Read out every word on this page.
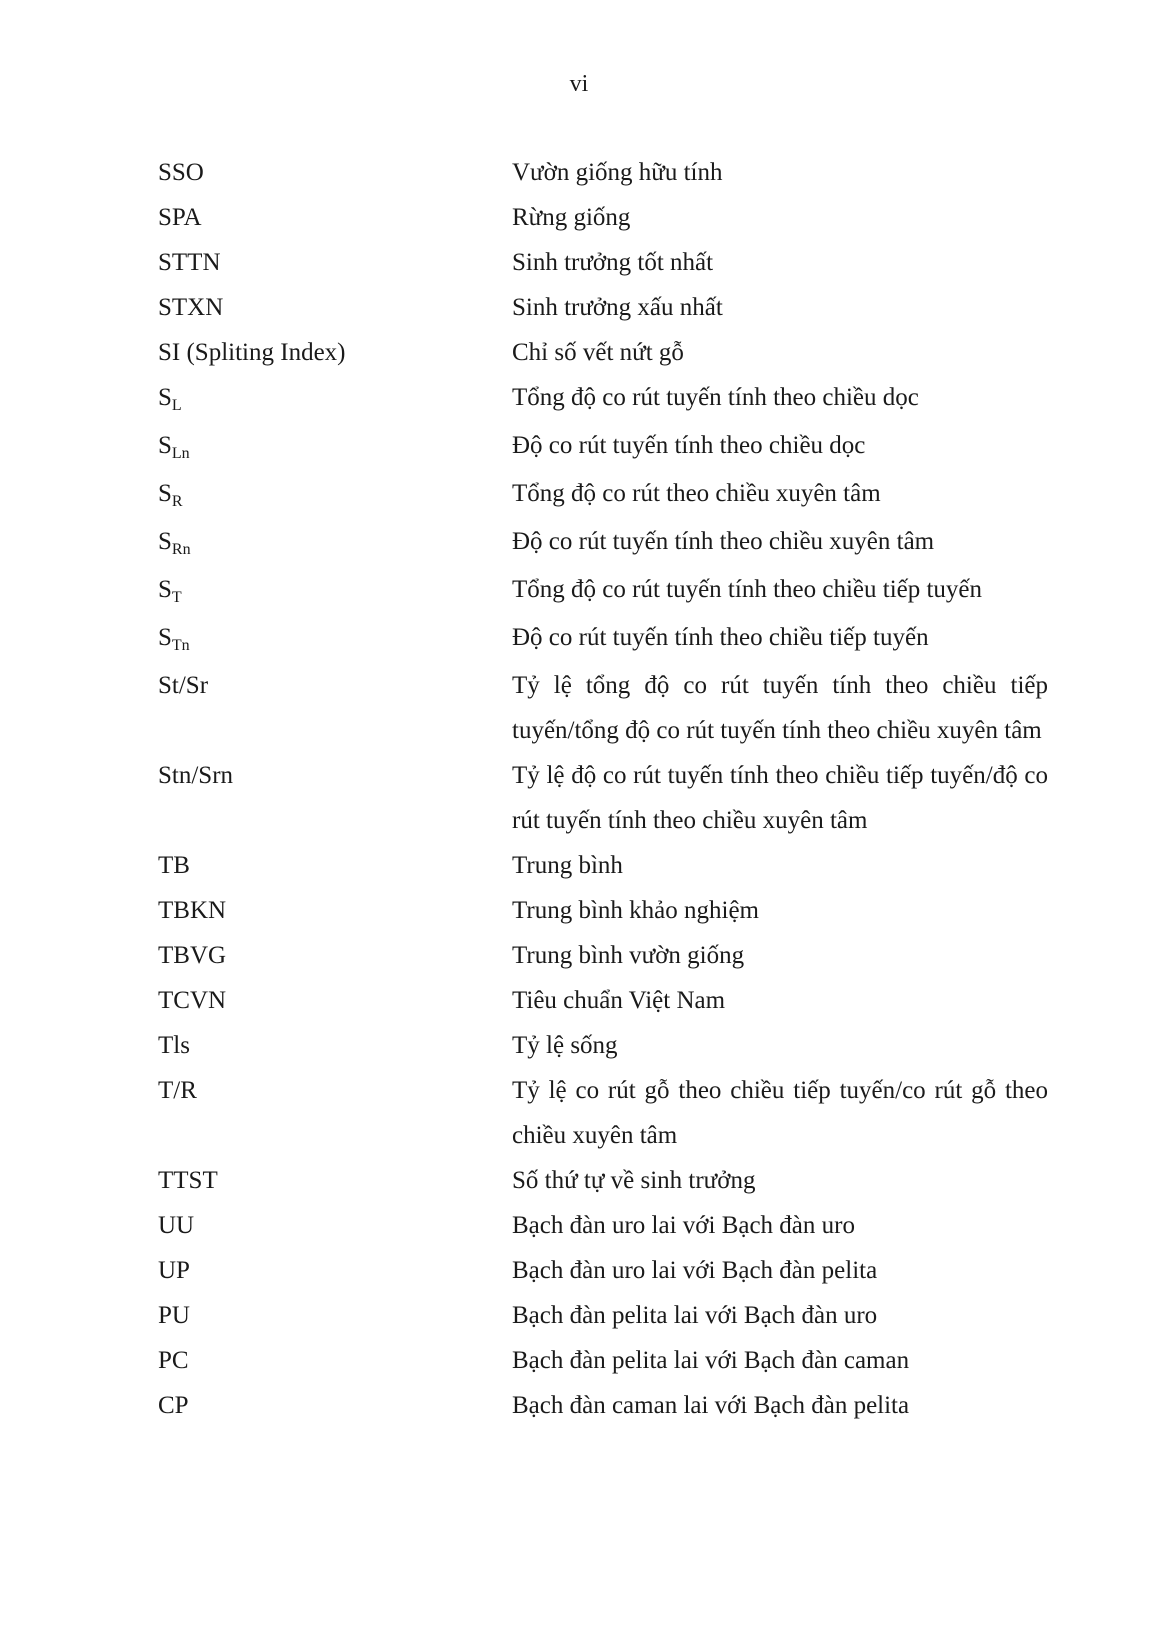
vi
SSO	Vườn giống hữu tính
SPA	Rừng giống
STTN	Sinh trưởng tốt nhất
STXN	Sinh trưởng xấu nhất
SI (Spliting Index)	Chỉ số vết nứt gỗ
$S_L$	Tổng độ co rút tuyến tính theo chiều dọc
$S_{Ln}$	Độ co rút tuyến tính theo chiều dọc
$S_R$	Tổng độ co rút theo chiều xuyên tâm
$S_{Rn}$	Độ co rút tuyến tính theo chiều xuyên tâm
$S_T$	Tổng độ co rút tuyến tính theo chiều tiếp tuyến
$S_{Tn}$	Độ co rút tuyến tính theo chiều tiếp tuyến
St/Sr	Tỷ lệ tổng độ co rút tuyến tính theo chiều tiếp tuyến/tổng độ co rút tuyến tính theo chiều xuyên tâm
Stn/Srn	Tỷ lệ độ co rút tuyến tính theo chiều tiếp tuyến/độ co rút tuyến tính theo chiều xuyên tâm
TB	Trung bình
TBKN	Trung bình khảo nghiệm
TBVG	Trung bình vườn giống
TCVN	Tiêu chuẩn Việt Nam
Tls	Tỷ lệ sống
T/R	Tỷ lệ co rút gỗ theo chiều tiếp tuyến/co rút gỗ theo chiều xuyên tâm
TTST	Số thứ tự về sinh trưởng
UU	Bạch đàn uro lai với Bạch đàn uro
UP	Bạch đàn uro lai với Bạch đàn pelita
PU	Bạch đàn pelita lai với Bạch đàn uro
PC	Bạch đàn pelita lai với Bạch đàn caman
CP	Bạch đàn caman lai với Bạch đàn pelita
